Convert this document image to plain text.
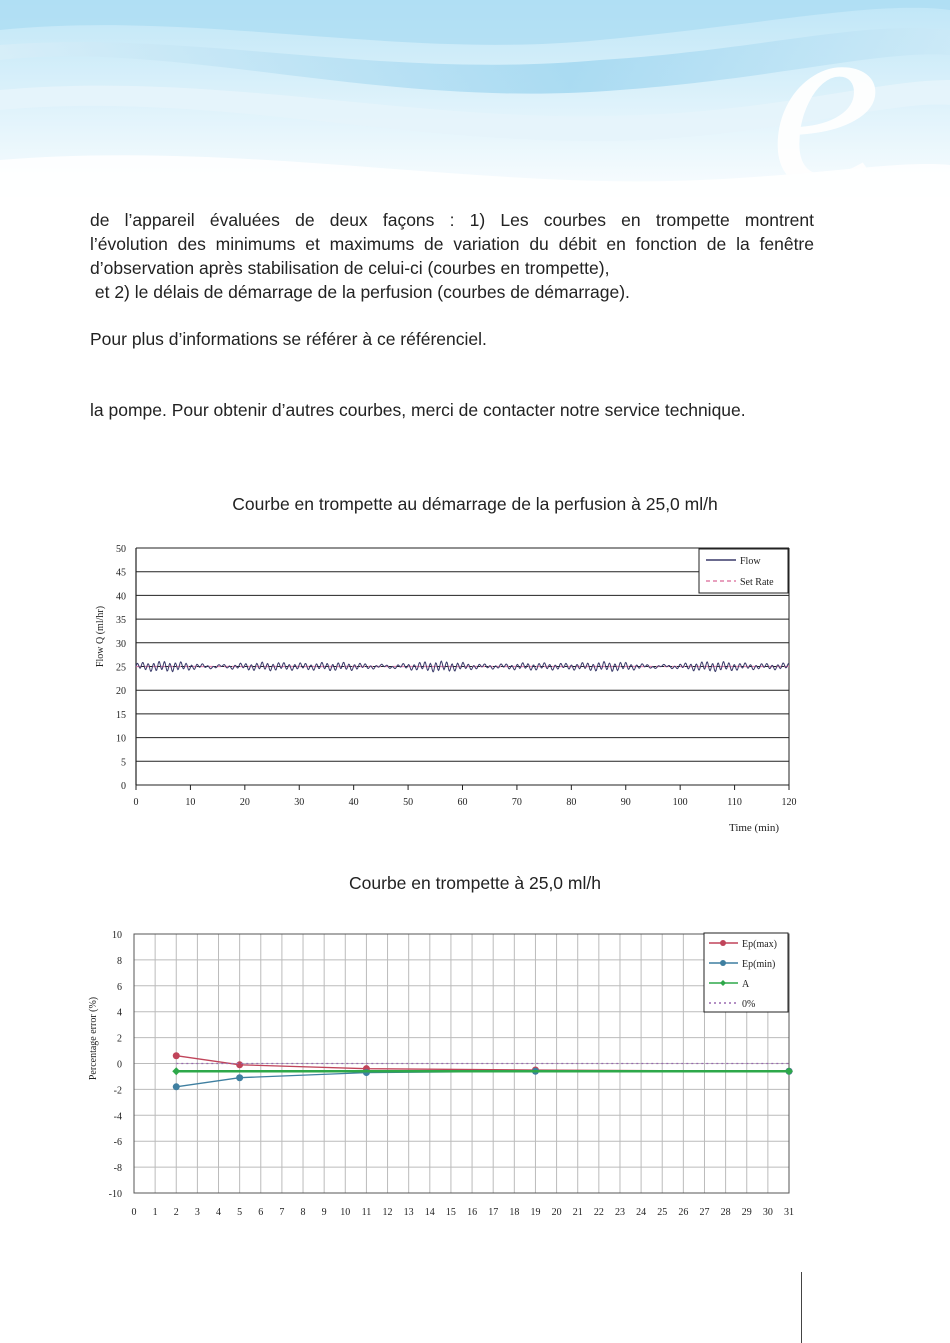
e
de l’appareil évaluées de deux façons : 1) Les courbes en trompette montrent
l’évolution des minimums et maximums de variation du débit en fonction de la fenêtre
d’observation après stabilisation de celui-ci (courbes en trompette),
et 2) le délais de démarrage de la perfusion (courbes de démarrage).
Pour plus d’informations se référer à ce référenciel.
la pompe. Pour obtenir d’autres courbes, merci de contacter notre service technique.
Courbe en trompette au démarrage de la perfusion à 25,0 ml/h
0
5
10
15
20
25
30
35
40
45
50
0	10	20	30	40	50	60	70	80	90	100	110	120
Time (min)
Flow Q (ml/hr)
Flow
Set Rate
Courbe en trompette à 25,0 ml/h
0 1 2 3 4 5 6 7 8 9 10 11 12 13 14 15 16 17 18 19 20 21 22 23 24 25 26 27 28 29 30 31
-10
-8
-6
-4
-2
0
2
4
6
8
10
Percentage error (%)
Ep(max)
Ep(min)
A
0%
